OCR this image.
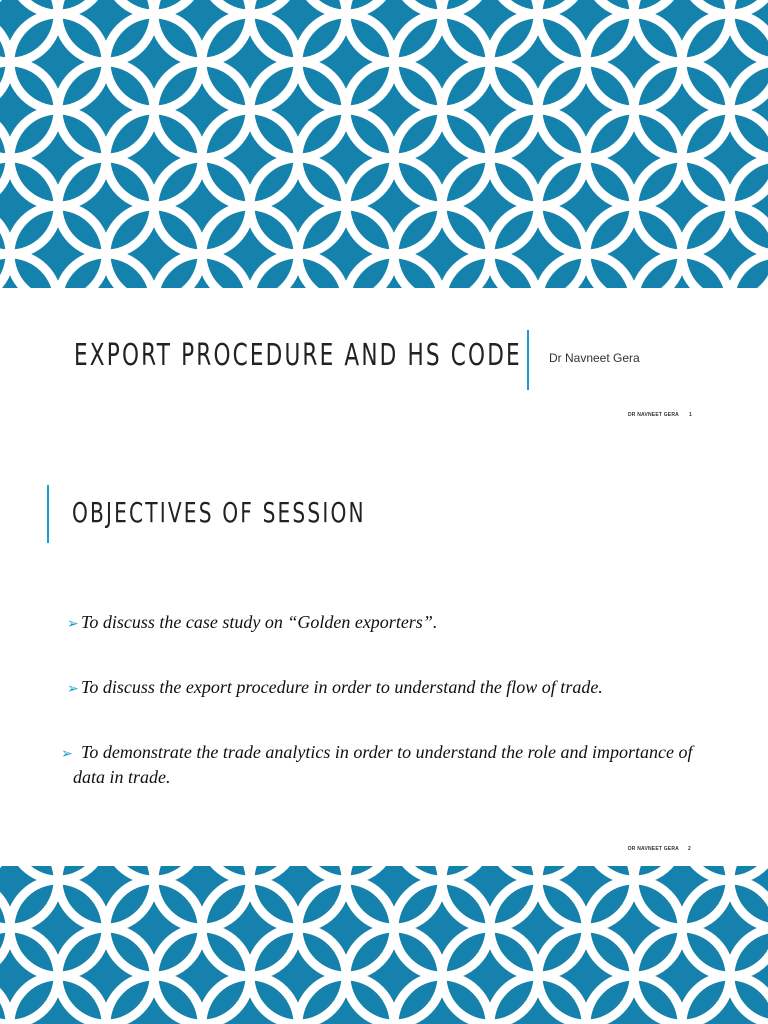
EXPORT PROCEDURE AND HS CODE Dr Navneet Gera
DR NAVNEET GERA 1
OBJECTIVES OF SESSION
➢ To discuss the case study on “Golden exporters”.
➢ To discuss the export procedure in order to understand the flow of trade.
➢ To demonstrate the trade analytics in order to understand the role and importance of data in trade.
DR NAVNEET GERA 2
